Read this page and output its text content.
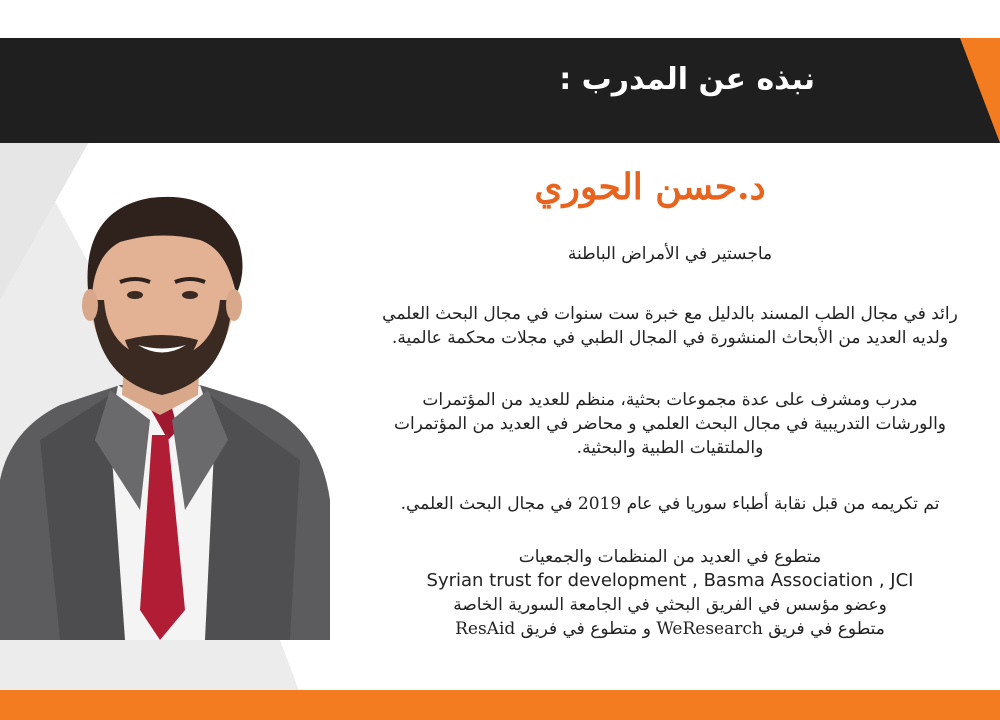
نبذه عن المدرب :
د.حسن الحوري
ماجستير في الأمراض الباطنة
رائد في مجال الطب المسند بالدليل مع خبرة ست سنوات في مجال البحث العلمي
ولديه العديد من الأبحاث المنشورة في المجال الطبي في مجلات محكمة عالمية.
مدرب ومشرف على عدة مجموعات بحثية، منظم للعديد من المؤتمرات
والورشات التدريبية في مجال البحث العلمي و محاضر في العديد من المؤتمرات
والملتقيات الطبية والبحثية.
تم تكريمه من قبل نقابة أطباء سوريا في عام 2019 في مجال البحث العلمي.
متطوع في العديد من المنظمات والجمعيات
Syrian trust for development , Basma Association , JCI
وعضو مؤسس في الفريق البحثي في الجامعة السورية الخاصة
متطوع في فريق WeResearch و متطوع في فريق ResAid
